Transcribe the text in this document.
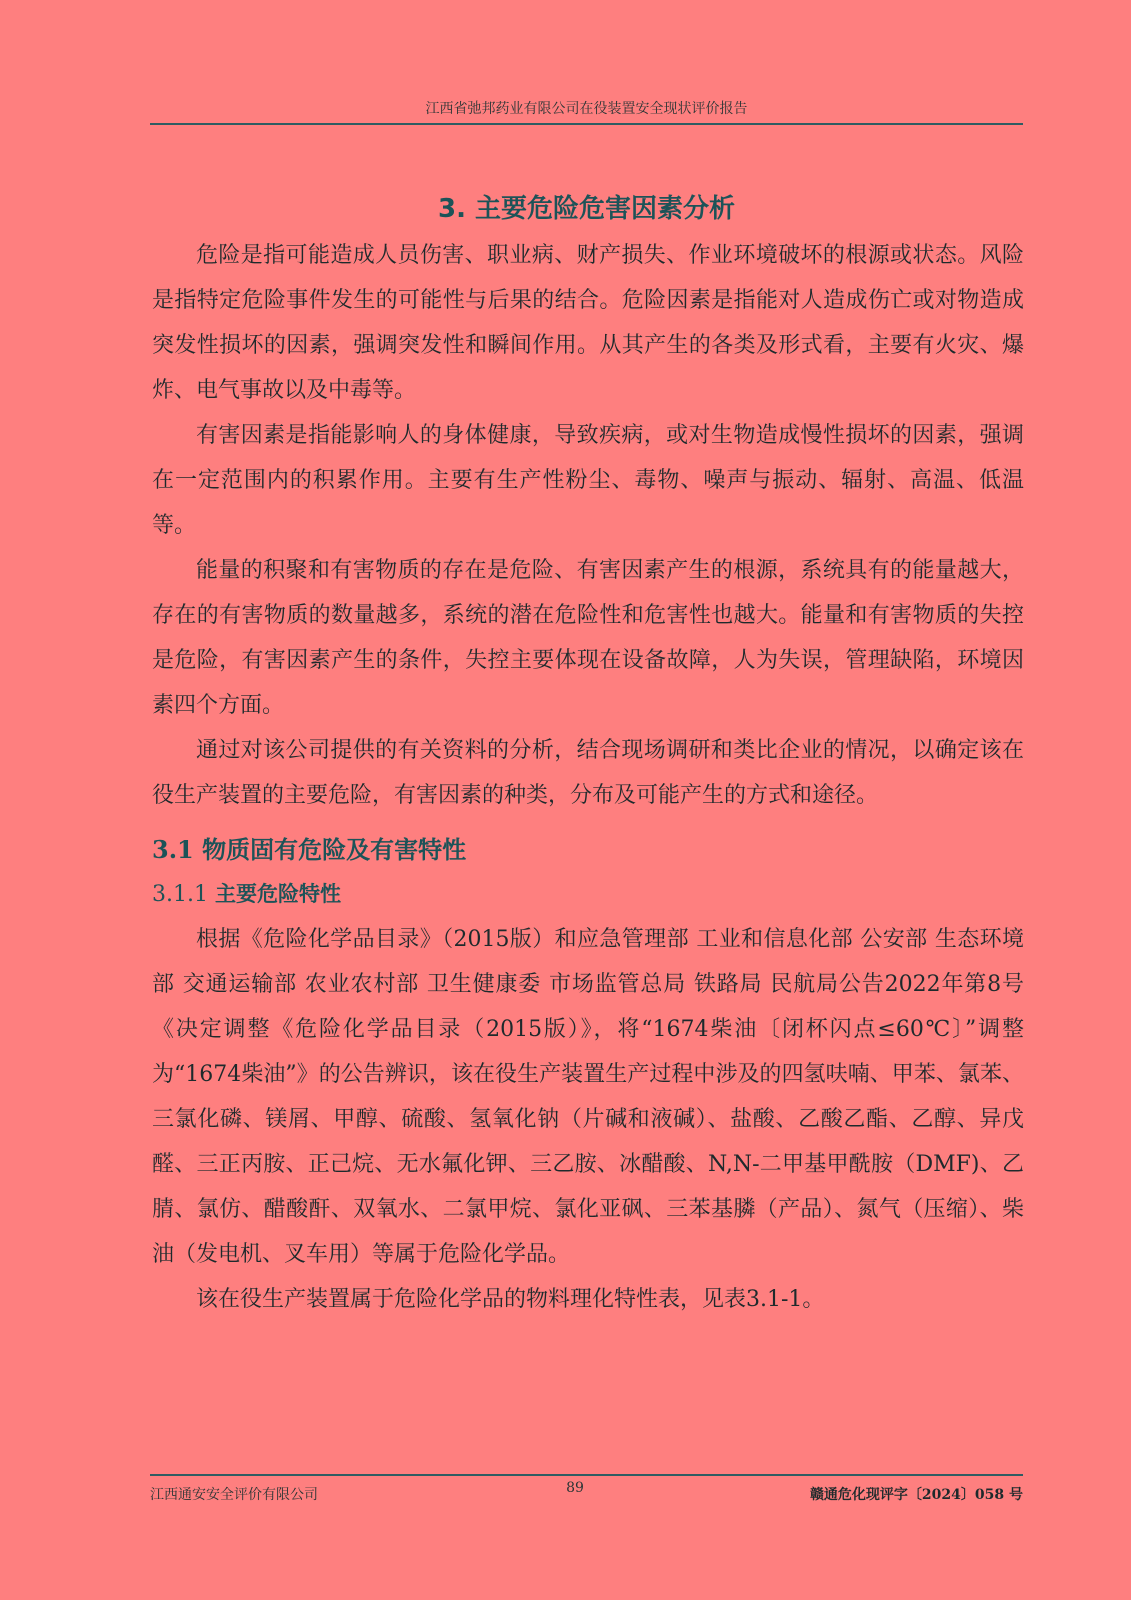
江西省弛邦药业有限公司在役装置安全现状评价报告
3. 主要危险危害因素分析

危险是指可能造成人员伤害、职业病、财产损失、作业环境破坏的根源或状态。风险是指特定危险事件发生的可能性与后果的结合。危险因素是指能对人造成伤亡或对物造成突发性损坏的因素，强调突发性和瞬间作用。从其产生的各类及形式看，主要有火灾、爆炸、电气事故以及中毒等。

有害因素是指能影响人的身体健康，导致疾病，或对生物造成慢性损坏的因素，强调在一定范围内的积累作用。主要有生产性粉尘、毒物、噪声与振动、辐射、高温、低温等。

能量的积聚和有害物质的存在是危险、有害因素产生的根源，系统具有的能量越大，存在的有害物质的数量越多，系统的潜在危险性和危害性也越大。能量和有害物质的失控是危险，有害因素产生的条件，失控主要体现在设备故障，人为失误，管理缺陷，环境因素四个方面。

通过对该公司提供的有关资料的分析，结合现场调研和类比企业的情况，以确定该在役生产装置的主要危险，有害因素的种类，分布及可能产生的方式和途径。

3.1 物质固有危险及有害特性
3.1.1 主要危险特性

根据《危险化学品目录》（2015版）和应急管理部 工业和信息化部 公安部 生态环境部 交通运输部 农业农村部 卫生健康委 市场监管总局 铁路局 民航局公告2022年第8号《决定调整《危险化学品目录（2015版）》，将“1674柴油〔闭杯闪点≤60℃〕”调整为“1674柴油”》的公告辨识，该在役生产装置生产过程中涉及的四氢呋喃、甲苯、氯苯、三氯化磷、镁屑、甲醇、硫酸、氢氧化钠（片碱和液碱）、盐酸、乙酸乙酯、乙醇、异戊醛、三正丙胺、正己烷、无水氟化钾、三乙胺、冰醋酸、N,N-二甲基甲酰胺（DMF)、乙腈、氯仿、醋酸酐、双氧水、二氯甲烷、氯化亚砜、三苯基膦（产品）、氮气（压缩）、柴油（发电机、叉车用）等属于危险化学品。

该在役生产装置属于危险化学品的物料理化特性表，见表3.1-1。

江西通安安全评价有限公司	89	赣通危化现评字〔2024〕058 号
